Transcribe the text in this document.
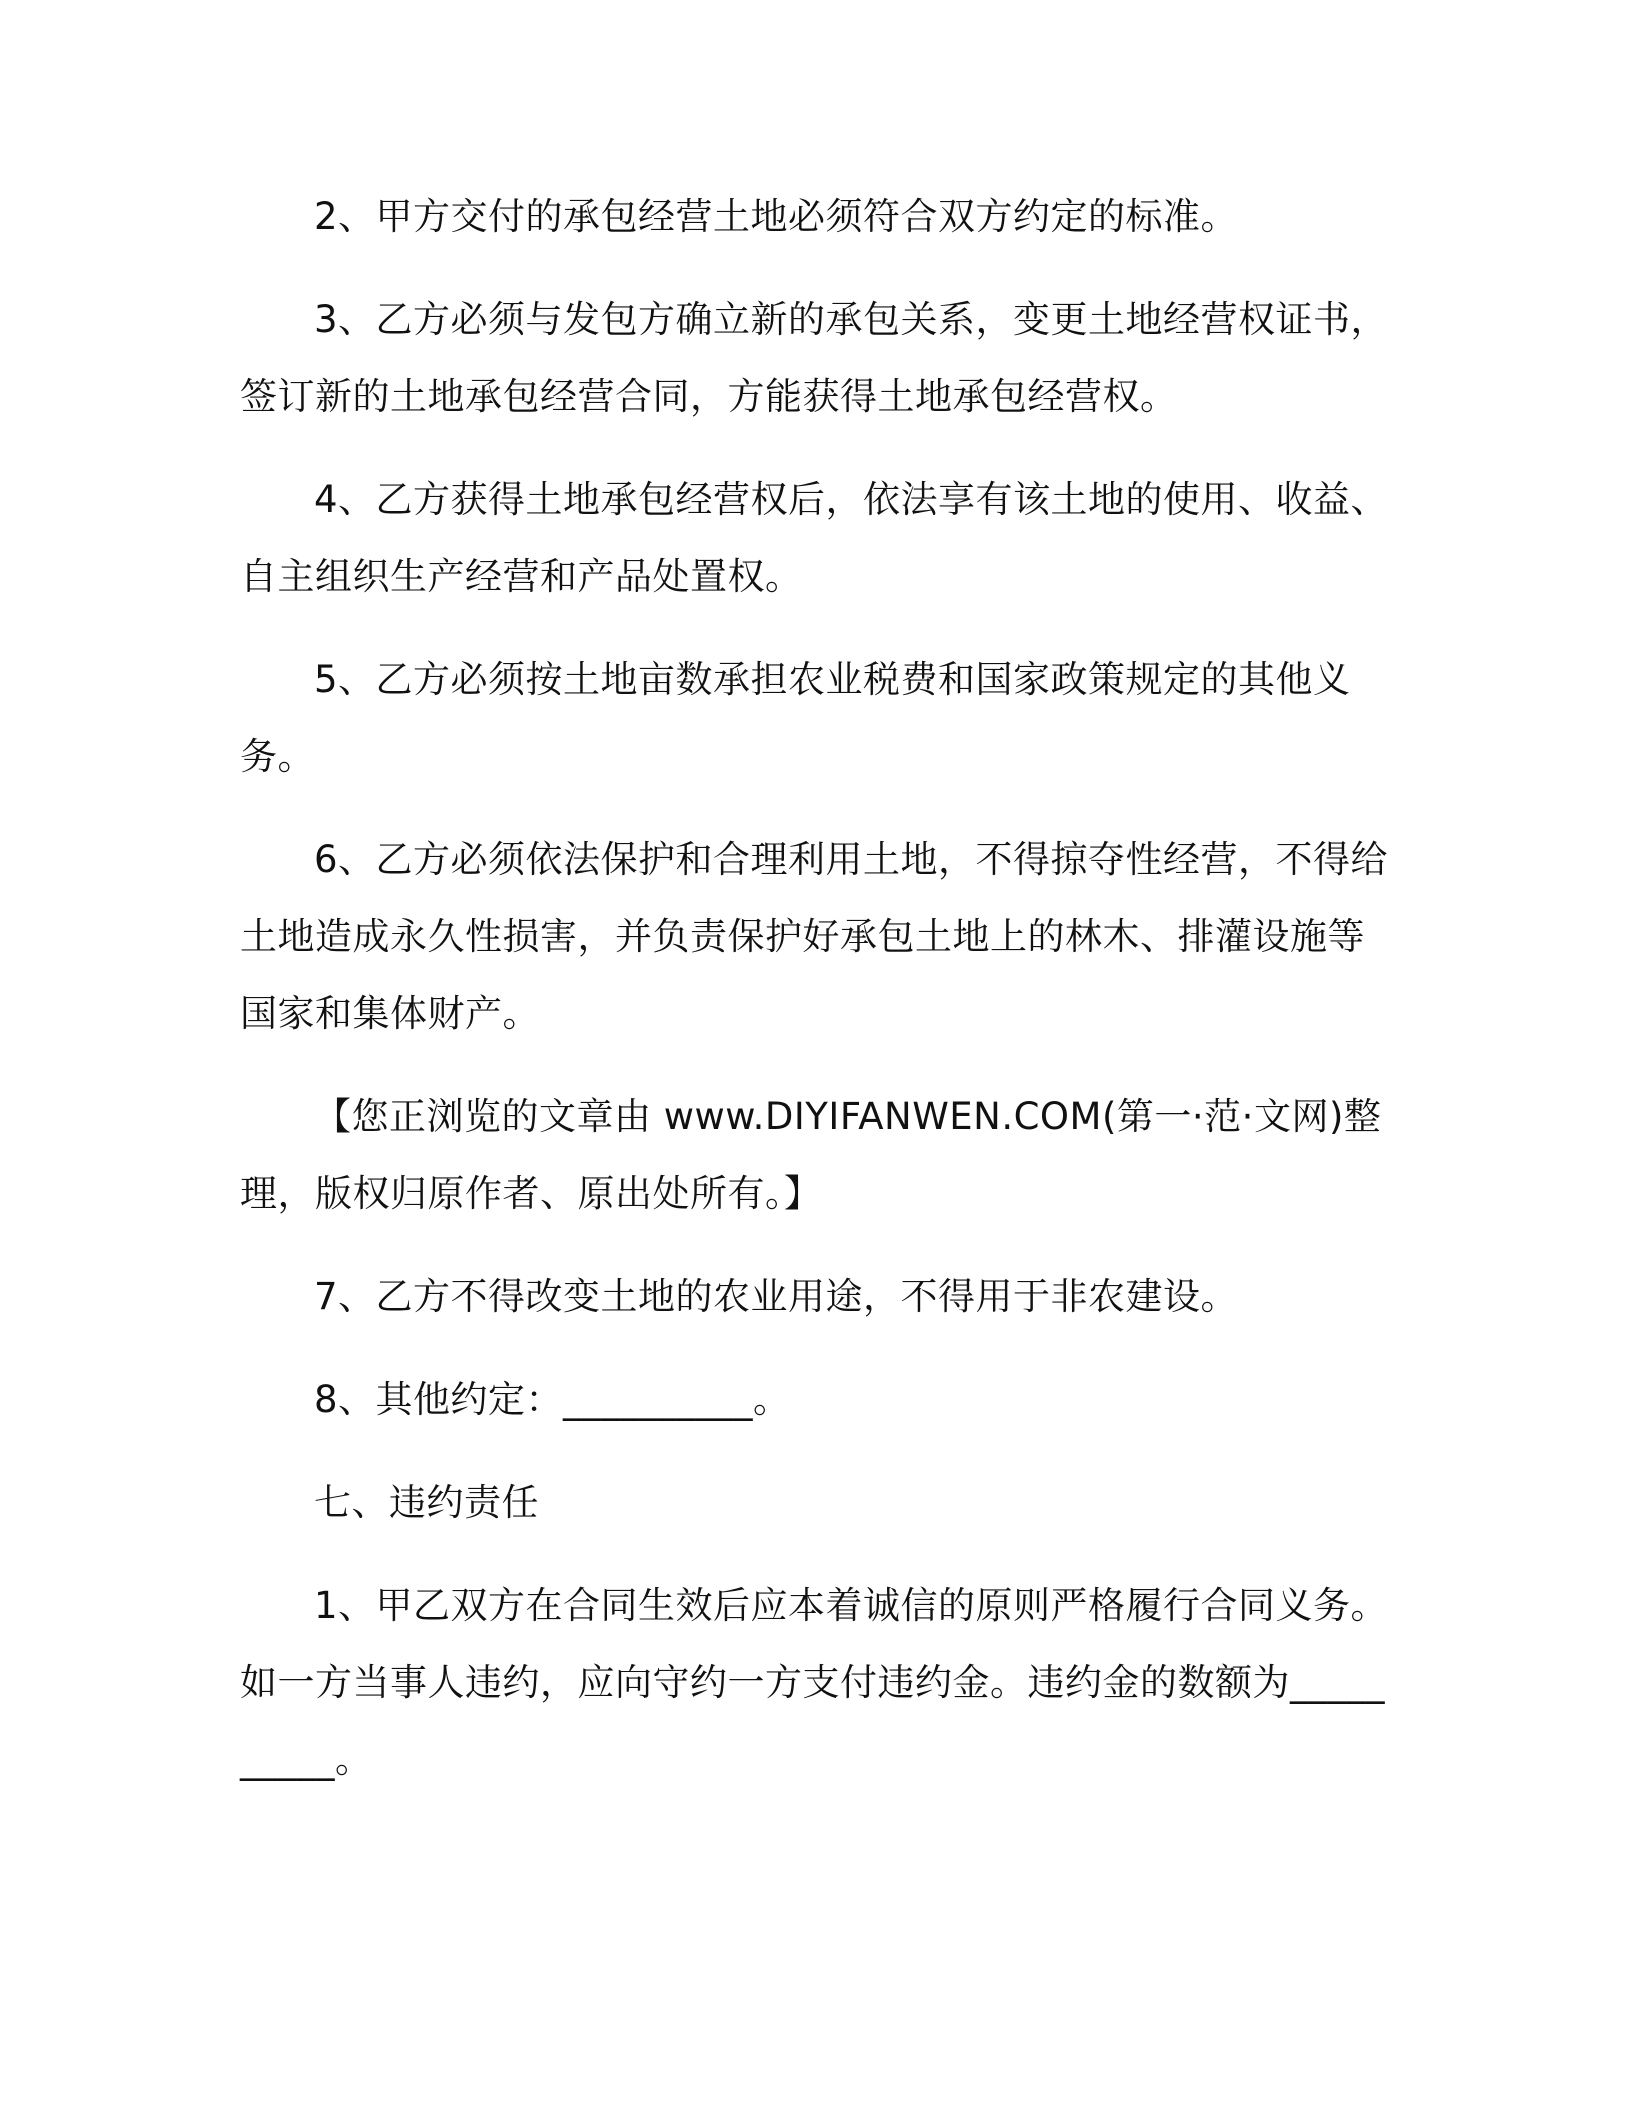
2、甲方交付的承包经营土地必须符合双方约定的标准。

3、乙方必须与发包方确立新的承包关系，变更土地经营权证书，签订新的土地承包经营合同，方能获得土地承包经营权。

4、乙方获得土地承包经营权后，依法享有该土地的使用、收益、自主组织生产经营和产品处置权。

5、乙方必须按土地亩数承担农业税费和国家政策规定的其他义务。

6、乙方必须依法保护和合理利用土地，不得掠夺性经营，不得给土地造成永久性损害，并负责保护好承包土地上的林木、排灌设施等国家和集体财产。

【您正浏览的文章由 www.DIYIFANWEN.COM(第一·范·文网)整理，版权归原作者、原出处所有。】

7、乙方不得改变土地的农业用途，不得用于非农建设。

8、其他约定：__________。

七、违约责任

1、甲乙双方在合同生效后应本着诚信的原则严格履行合同义务。如一方当事人违约，应向守约一方支付违约金。违约金的数额为__________。
